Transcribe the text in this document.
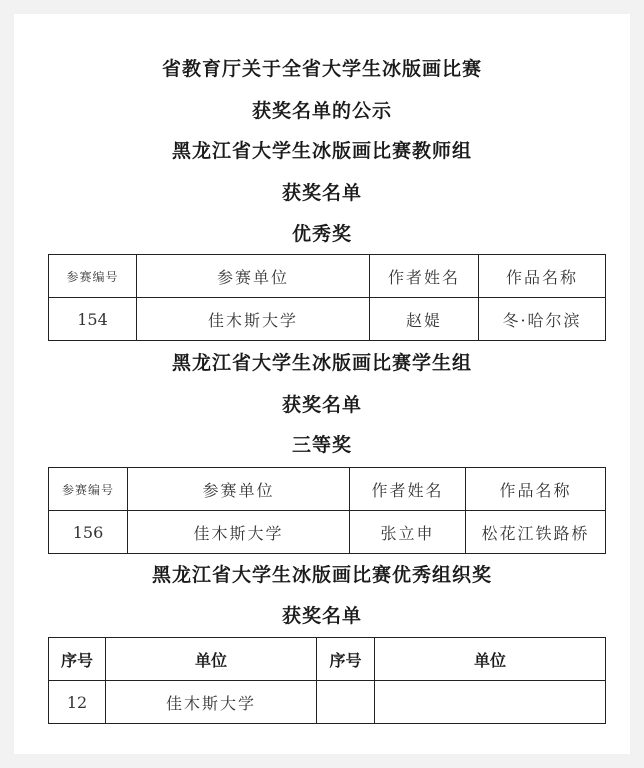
省教育厅关于全省大学生冰版画比赛
获奖名单的公示
黑龙江省大学生冰版画比赛教师组
获奖名单
优秀奖
参赛编号	参赛单位	作者姓名	作品名称
154	佳木斯大学	赵媞	冬·哈尔滨
黑龙江省大学生冰版画比赛学生组
获奖名单
三等奖
参赛编号	参赛单位	作者姓名	作品名称
156	佳木斯大学	张立申	松花江铁路桥
黑龙江省大学生冰版画比赛优秀组织奖
获奖名单
序号	单位	序号	单位
12	佳木斯大学		
